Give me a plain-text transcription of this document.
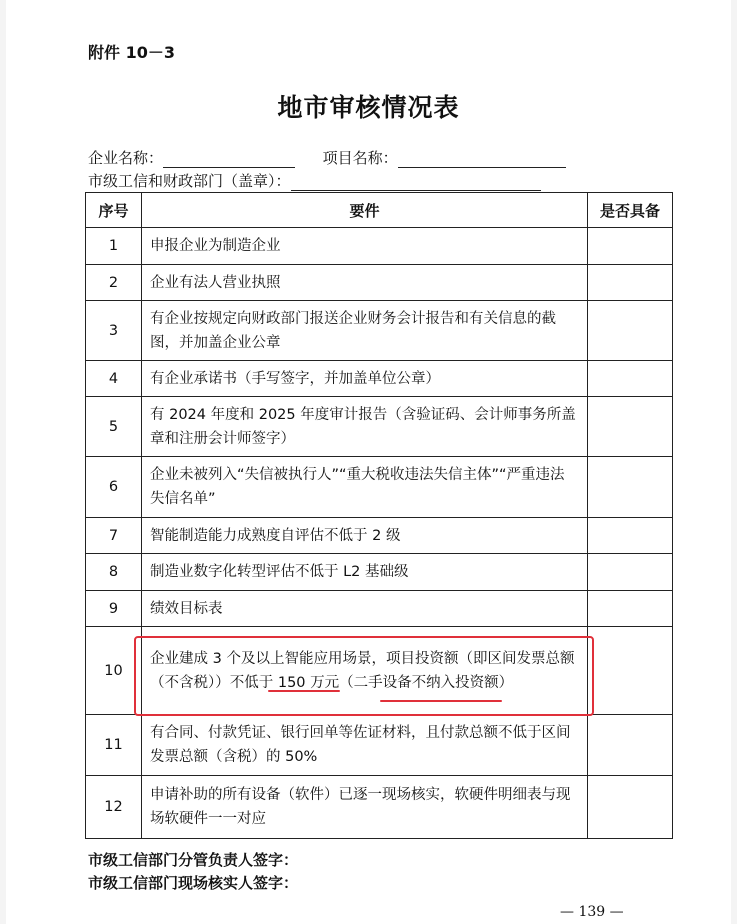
附件 10－3
地市审核情况表
企业名称：	项目名称：
市级工信和财政部门（盖章）：
序号	要件	是否具备
1	申报企业为制造企业	
2	企业有法人营业执照	
3	有企业按规定向财政部门报送企业财务会计报告和有关信息的截图，并加盖企业公章	
4	有企业承诺书（手写签字，并加盖单位公章）	
5	有 2024 年度和 2025 年度审计报告（含验证码、会计师事务所盖章和注册会计师签字）	
6	企业未被列入“失信被执行人”“重大税收违法失信主体”“严重违法失信名单”	
7	智能制造能力成熟度自评估不低于 2 级	
8	制造业数字化转型评估不低于 L2 基础级	
9	绩效目标表	
10	企业建成 3 个及以上智能应用场景，项目投资额（即区间发票总额（不含税））不低于 150 万元（二手设备不纳入投资额）	
11	有合同、付款凭证、银行回单等佐证材料，且付款总额不低于区间发票总额（含税）的 50%	
12	申请补助的所有设备（软件）已逐一现场核实，软硬件明细表与现场软硬件一一对应	
市级工信部门分管负责人签字：
市级工信部门现场核实人签字：
— 139 —
